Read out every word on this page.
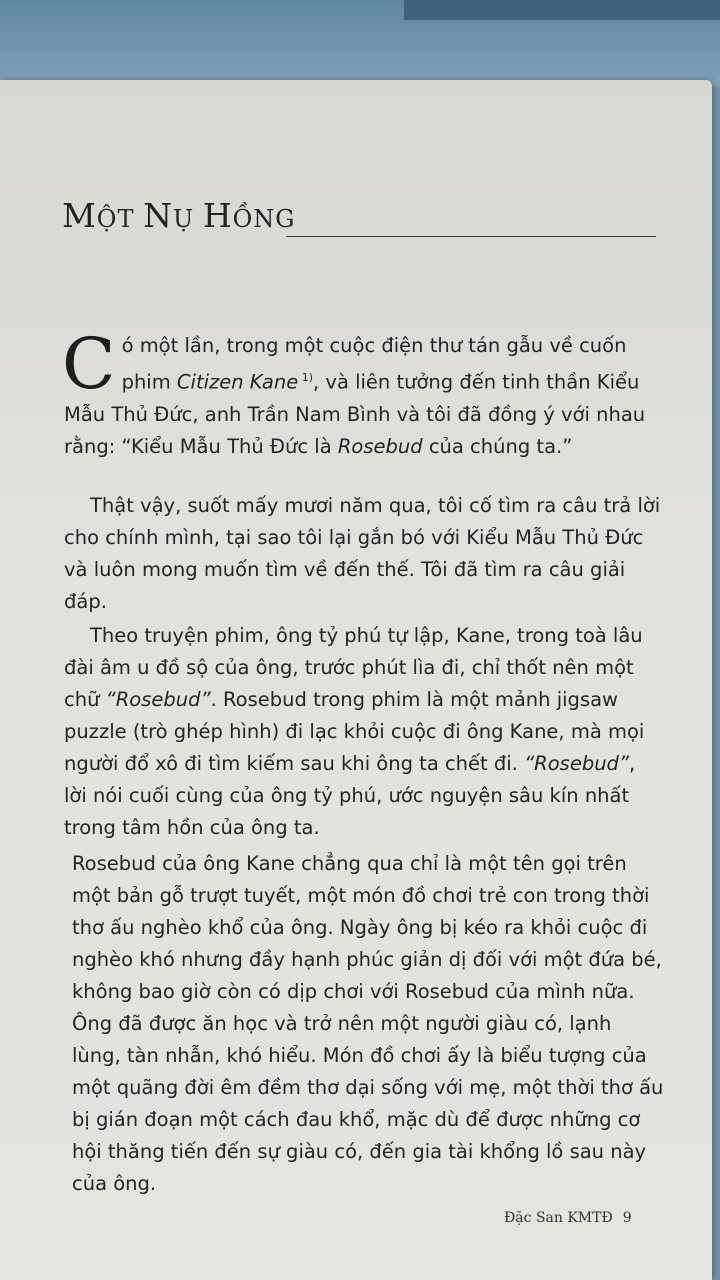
MỘT NỤ HỒNG

Có một lần, trong một cuộc điện thư tán gẫu về cuốn phim Citizen Kane $^{1)}$, và liên tưởng đến tinh thần Kiểu Mẫu Thủ Đức, anh Trần Nam Bình và tôi đã đồng ý với nhau rằng: “Kiểu Mẫu Thủ Đức là Rosebud của chúng ta.”

Thật vậy, suốt mấy mươi năm qua, tôi cố tìm ra câu trả lời cho chính mình, tại sao tôi lại gắn bó với Kiểu Mẫu Thủ Đức và luôn mong muốn tìm về đến thế. Tôi đã tìm ra câu giải đáp.

Theo truyện phim, ông tỷ phú tự lập, Kane, trong toà lâu đài âm u đồ sộ của ông, trước phút lìa đi, chỉ thốt nên một chữ “Rosebud”. Rosebud trong phim là một mảnh jigsaw puzzle (trò ghép hình) đi lạc khỏi cuộc đi ông Kane, mà mọi người đổ xô đi tìm kiếm sau khi ông ta chết đi. “Rosebud”, lời nói cuối cùng của ông tỷ phú, ước nguyện sâu kín nhất trong tâm hồn của ông ta.

Rosebud của ông Kane chẳng qua chỉ là một tên gọi trên một bản gỗ trượt tuyết, một món đồ chơi trẻ con trong thời thơ ấu nghèo khổ của ông. Ngày ông bị kéo ra khỏi cuộc đi nghèo khó nhưng đầy hạnh phúc giản dị đối với một đứa bé, không bao giờ còn có dịp chơi với Rosebud của mình nữa. Ông đã được ăn học và trở nên một người giàu có, lạnh lùng, tàn nhẫn, khó hiểu. Món đồ chơi ấy là biểu tượng của một quãng đời êm đềm thơ dại sống với mẹ, một thời thơ ấu bị gián đoạn một cách đau khổ, mặc dù để được những cơ hội thăng tiến đến sự giàu có, đến gia tài khổng lồ sau này của ông.

Đặc San KMTĐ 9
